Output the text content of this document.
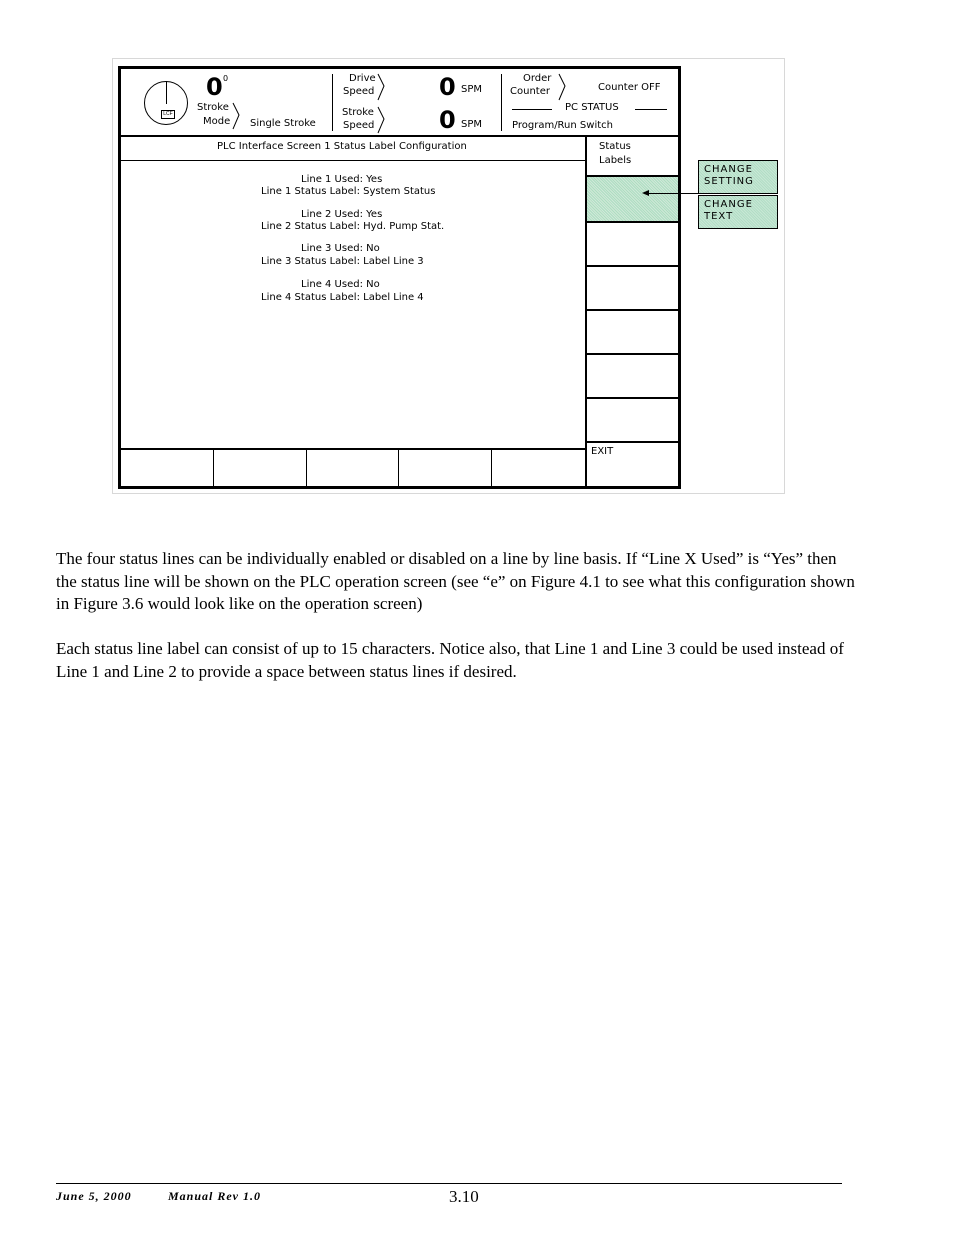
LCF
0 0
Stroke
Mode Single Stroke
Drive
Speed	0 SPM
Stroke
Speed	0 SPM
Order
Counter	Counter OFF
PC STATUS
Program/Run Switch
PLC Interface Screen 1 Status Label Configuration
Line 1 Used: Yes
Line 1 Status Label: System Status
Line 2 Used: Yes
Line 2 Status Label: Hyd. Pump Stat.
Line 3 Used: No
Line 3 Status Label: Label Line 3
Line 4 Used: No
Line 4 Status Label: Label Line 4
Status
Labels
EXIT
CHANGE
SETTING
CHANGE
TEXT
The four status lines can be individually enabled or disabled on a line by line basis. If “Line X Used” is “Yes” then the status line will be shown on the PLC operation screen (see “e” on Figure 4.1 to see what this configuration shown in Figure 3.6 would look like on the operation screen)
Each status line label can consist of up to 15 characters. Notice also, that Line 1 and Line 3 could be used instead of Line 1 and Line 2 to provide a space between status lines if desired.
June 5, 2000	Manual Rev 1.0	3.10
